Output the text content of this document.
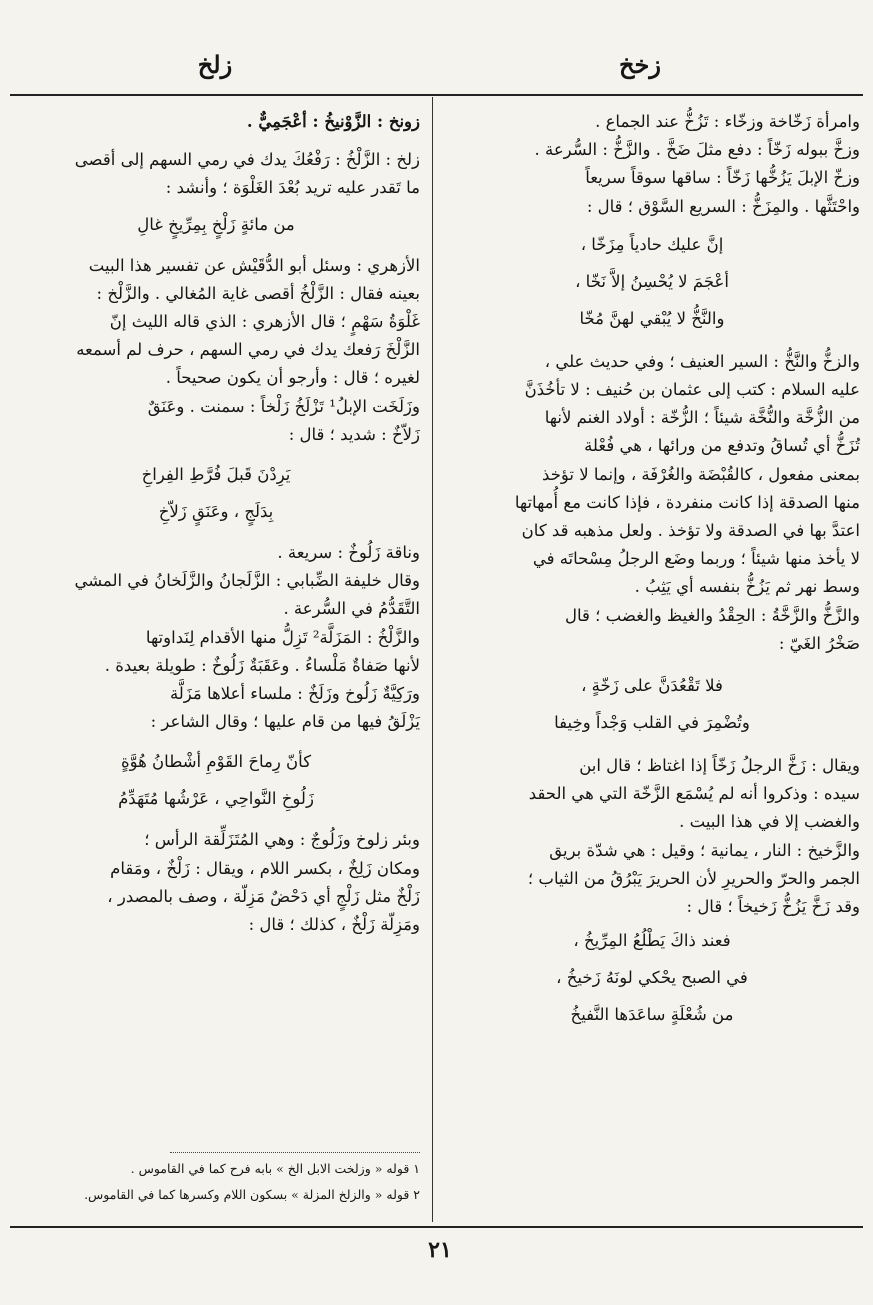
زخخ
زلخ

وامرأة زَخّاخة وزخّاء : تَزُخُّ عند الجماع .

وزخَّ ببوله زَخّاً : دفع مثلَ ضَخَّ . والزَّخُّ : السُّرعة .

وزخّ الإبلَ يَزُخُّها زَخّاً : ساقها سوقاً سريعاً

واحْتَثَّها . والمِزَخُّ : السريع السَّوْق ؛ قال :

إنَّ عليك حادياً مِزَخّا ،

أعْجَمَ لا يُحْسِنُ إلاَّ نَخّا ،

والنَّخُّ لا يُبْقي لهنَّ مُخّا

والزخُّ والنَّخُّ : السير العنيف ؛ وفي حديث علي ،

عليه السلام : كتب إلى عثمان بن حُنيف : لا تأخُذَنَّ

من الزُّخَّة والنُّخَّة شيئاً ؛ الزُّخّة : أولاد الغنم لأنها

تُزَخُّ أي تُساقُ وتدفع من ورائها ، هي فُعْلة

بمعنى مفعول ، كالقُبْضَة والغُرْفَة ، وإنما لا تؤخذ

منها الصدقة إذا كانت منفردة ، فإذا كانت مع أُمهاتها

اعتدَّ بها في الصدقة ولا تؤخذ . ولعل مذهبه قد كان

لا يأخذ منها شيئاً ؛ وربما وضَع الرجلُ مِسْحاتَه في

وسط نهر ثم يَزُخُّ بنفسه أي يَثِبُ .

والزَّخُّ والزَّخَّةُ : الحِقْدُ والغيظ والغضب ؛ قال

صَخْرُ الغَيّ :

فلا تَقْعُدَنَّ على زَخّةٍ ،

وتُضْمِرَ في القلب وَجْداً وخِيفا

ويقال : زَخَّ الرجلُ زَخّاً إذا اغتاظ ؛ قال ابن

سيده : وذكروا أنه لم يُسْمَع الزَّخّة التي هي الحقد

والغضب إلا في هذا البيت .

والزَّخيخ : النار ، يمانية ؛ وقيل : هي شدّة بريق

الجمر والحرّ والحريرِ لأن الحريرَ يَبْرُقُ من الثياب ؛

وقد زَخَّ يَزُخُّ زَخيخاً ؛ قال :

فعند ذاكَ يَطْلُعُ المِرِّيخُ ،

في الصبح يحْكي لونَهُ زَخيخُ ،

من شُعْلَةٍ ساعَدَها النَّفيخُ

زونخ : الزَّوْنيخُ : أعْجَمِيٌّ .

زلخ : الزَّلْخُ : رَفْعُكَ يدك في رمي السهم إلى أقصى

ما تَقدر عليه تريد بُعْدَ الغَلْوَة ؛ وأنشد :

من مائةٍ زَلْخٍ بِمِرِّيخٍ غالِ

الأزهري : وسئل أبو الدُّقَيْش عن تفسير هذا البيت

بعينه فقال : الزَّلْخُ أقصى غاية المُغالي . والزَّلْخ :

غَلْوَةُ سَهْمٍ ؛ قال الأزهري : الذي قاله الليث إنّ

الزَّلْخَ رَفعك يدك في رمي السهم ، حرف لم أسمعه

لغيره ؛ قال : وأرجو أن يكون صحيحاً .

وزَلَخَت الإبلُ¹ تَزْلَخُ زَلْخاً : سمنت . وعَنَقٌ

زَلاّخٌ : شديد ؛ قال :

يَرِدْنَ قَبلَ فُرَّطِ الفِراخِ

بِدَلَجٍ ، وعَنَقٍ زَلاّخِ

وناقة زَلُوخٌ : سريعة .

وقال خليفة الضِّبابي : الزَّلَجانُ والزَّلَخانُ في المشي

التَّقَدُّمُ في السُّرعة .

والزَّلْخُ : المَزَلَّة² تَزِلُّ منها الأقدام لِنَداوتها

لأنها صَفاةٌ مَلْساءُ . وعَقَبَةٌ زَلُوخٌ : طويلة بعيدة .

ورَكِيَّةٌ زَلُوخ وزَلَخٌ : ملساء أعلاها مَزَلَّة

يَزْلَقُ فيها من قام عليها ؛ وقال الشاعر :

كأنّ رِماحَ القَوْمِ أشْطانُ هُوَّةٍ

زَلُوخِ النَّواحِي ، عَرْشُها مُتَهَدِّمُ

وبئر زلوخ وزَلُوجٌ : وهي المُتَزَلِّقة الرأس ؛

ومكان زَلِخٌ ، بكسر اللام ، ويقال : زَلْخٌ ، ومَقام

زَلْخٌ مثل زَلْجٍ أي دَحْضٌ مَزِلّة ، وصف بالمصدر ،

ومَزِلّة زَلْخٌ ، كذلك ؛ قال :

١ قوله « وزلخت الابل الخ » بابه فرح كما في القاموس .

٢ قوله « والزلخ المزلة » بسكون اللام وكسرها كما في القاموس.

٢١
